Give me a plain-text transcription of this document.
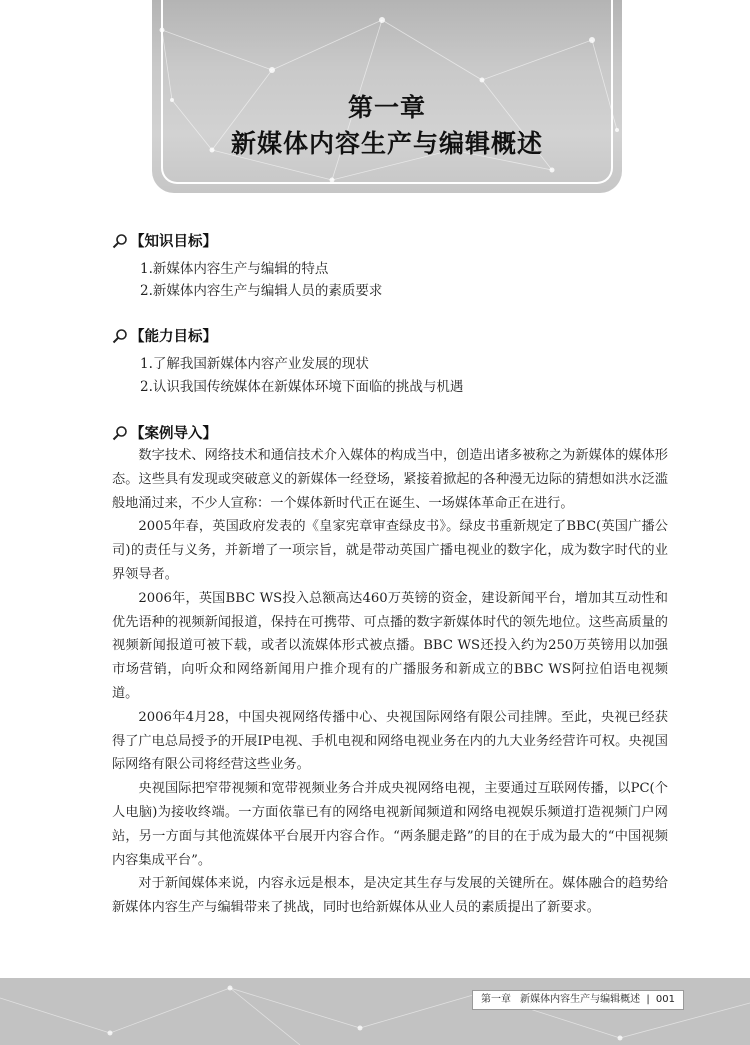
第一章
新媒体内容生产与编辑概述
【知识目标】
1.新媒体内容生产与编辑的特点
2.新媒体内容生产与编辑人员的素质要求
【能力目标】
1.了解我国新媒体内容产业发展的现状
2.认识我国传统媒体在新媒体环境下面临的挑战与机遇
【案例导入】

数字技术、网络技术和通信技术介入媒体的构成当中，创造出诸多被称之为新媒体的媒体形态。这些具有发现或突破意义的新媒体一经登场，紧接着掀起的各种漫无边际的猜想如洪水泛滥般地涌过来，不少人宣称：一个媒体新时代正在诞生、一场媒体革命正在进行。

2005年春，英国政府发表的《皇家宪章审查绿皮书》。绿皮书重新规定了BBC(英国广播公司)的责任与义务，并新增了一项宗旨，就是带动英国广播电视业的数字化，成为数字时代的业界领导者。

2006年，英国BBC WS投入总额高达460万英镑的资金，建设新闻平台，增加其互动性和优先语种的视频新闻报道，保持在可携带、可点播的数字新媒体时代的领先地位。这些高质量的视频新闻报道可被下载，或者以流媒体形式被点播。BBC WS还投入约为250万英镑用以加强市场营销，向听众和网络新闻用户推介现有的广播服务和新成立的BBC WS阿拉伯语电视频道。

2006年4月28，中国央视网络传播中心、央视国际网络有限公司挂牌。至此，央视已经获得了广电总局授予的开展IP电视、手机电视和网络电视业务在内的九大业务经营许可权。央视国际网络有限公司将经营这些业务。

央视国际把窄带视频和宽带视频业务合并成央视网络电视，主要通过互联网传播，以PC(个人电脑)为接收终端。一方面依靠已有的网络电视新闻频道和网络电视娱乐频道打造视频门户网站，另一方面与其他流媒体平台展开内容合作。“两条腿走路”的目的在于成为最大的“中国视频内容集成平台”。

对于新闻媒体来说，内容永远是根本，是决定其生存与发展的关键所在。媒体融合的趋势给新媒体内容生产与编辑带来了挑战，同时也给新媒体从业人员的素质提出了新要求。

第一章 新媒体内容生产与编辑概述 | 001
